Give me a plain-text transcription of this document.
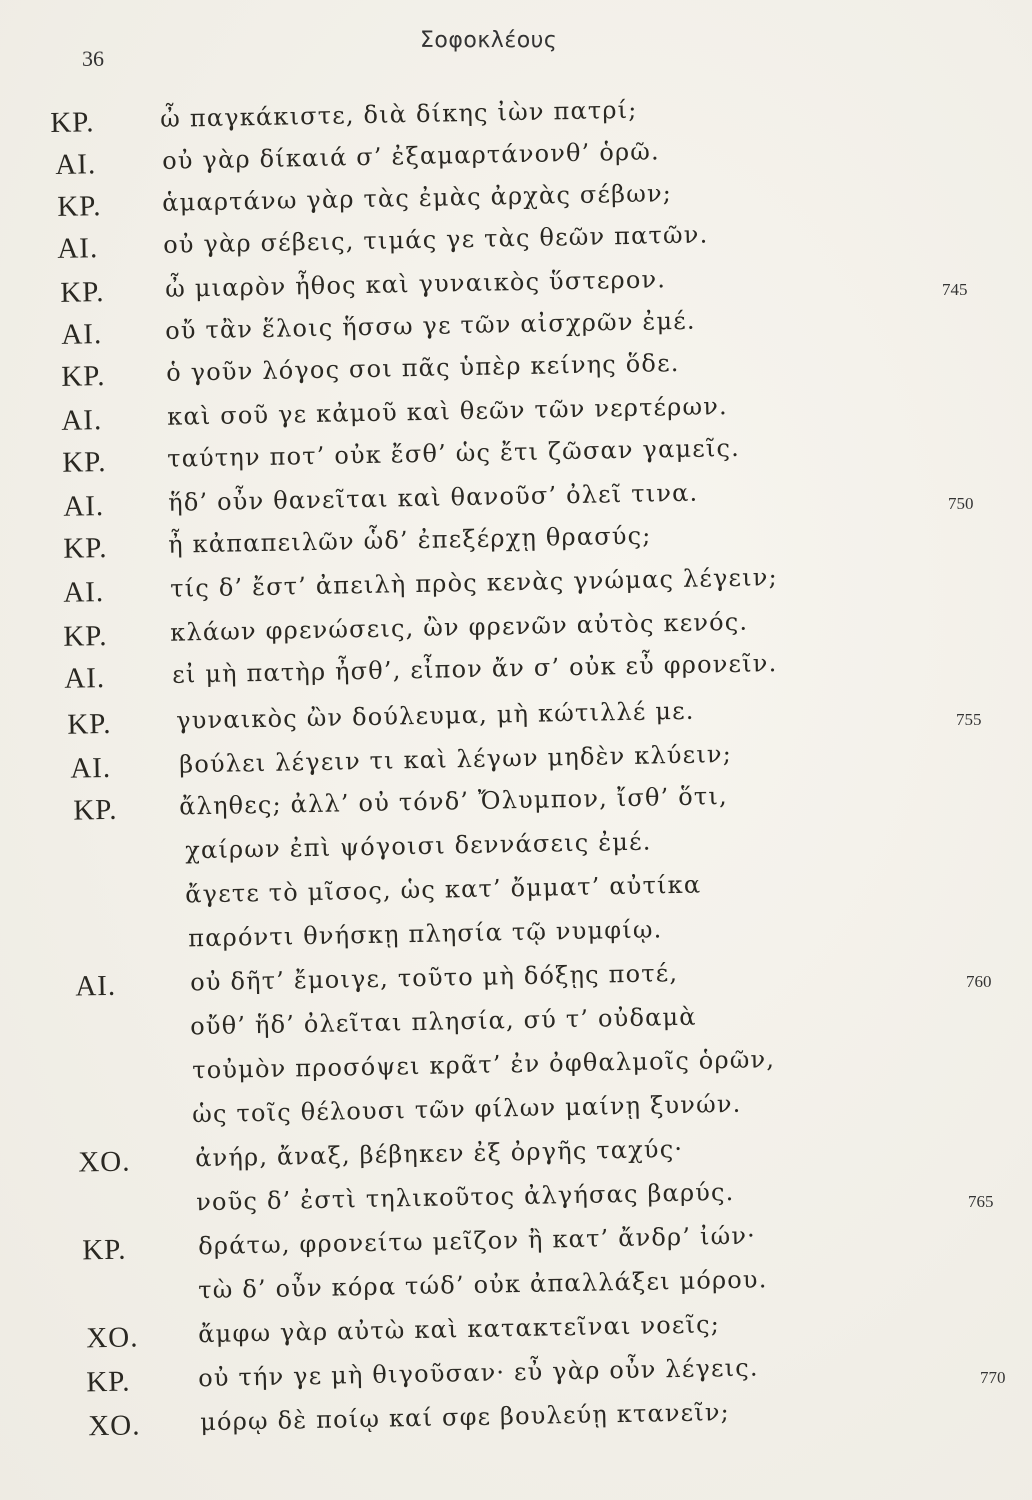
36
Σοφοκλέους
ΚΡ.	ὦ παγκάκιστε, διὰ δίκης ἰὼν πατρί;
ΑΙ.	οὐ γὰρ δίκαιά σ’ ἐξαμαρτάνονθ’ ὁρῶ.
ΚΡ.	ἁμαρτάνω γὰρ τὰς ἐμὰς ἀρχὰς σέβων;
745
ΑΙ.	οὐ γὰρ σέβεις, τιμάς γε τὰς θεῶν πατῶν.
ΚΡ.	ὦ μιαρὸν ἦθος καὶ γυναικὸς ὕστερον.
ΑΙ.	οὔ τἂν ἕλοις ἥσσω γε τῶν αἰσχρῶν ἐμέ.
ΚΡ.	ὁ γοῦν λόγος σοι πᾶς ὑπὲρ κείνης ὅδε.
ΑΙ.	καὶ σοῦ γε κἀμοῦ καὶ θεῶν τῶν νερτέρων.
750
ΚΡ.	ταύτην ποτ’ οὐκ ἔσθ’ ὡς ἔτι ζῶσαν γαμεῖς.
ΑΙ.	ἥδ’ οὖν θανεῖται καὶ θανοῦσ’ ὀλεῖ τινα.
ΚΡ.	ἦ κἀπαπειλῶν ὧδ’ ἐπεξέρχῃ θρασύς;
ΑΙ.	τίς δ’ ἔστ’ ἀπειλὴ πρὸς κενὰς γνώμας λέγειν;
ΚΡ.	κλάων φρενώσεις, ὢν φρενῶν αὐτὸς κενός.
755
ΑΙ.	εἰ μὴ πατὴρ ἦσθ’, εἶπον ἄν σ’ οὐκ εὖ φρονεῖν.
ΚΡ.	γυναικὸς ὢν δούλευμα, μὴ κώτιλλέ με.
ΑΙ.	βούλει λέγειν τι καὶ λέγων μηδὲν κλύειν;
ΚΡ.	ἄληθες; ἀλλ’ οὐ τόνδ’ Ὄλυμπον, ἴσθ’ ὅτι,
χαίρων ἐπὶ ψόγοισι δεννάσεις ἐμέ.
ἄγετε τὸ μῖσος, ὡς κατ’ ὄμματ’ αὐτίκα
760
παρόντι θνήσκῃ πλησία τῷ νυμφίῳ.
ΑΙ.	οὐ δῆτ’ ἔμοιγε, τοῦτο μὴ δόξῃς ποτέ,
οὔθ’ ἥδ’ ὀλεῖται πλησία, σύ τ’ οὐδαμὰ
τοὐμὸν προσόψει κρᾶτ’ ἐν ὀφθαλμοῖς ὁρῶν,
ὡς τοῖς θέλουσι τῶν φίλων μαίνῃ ξυνών.
765
ΧΟ.	ἀνήρ, ἄναξ, βέβηκεν ἐξ ὀργῆς ταχύς·
νοῦς δ’ ἐστὶ τηλικοῦτος ἀλγήσας βαρύς.
ΚΡ.	δράτω, φρονείτω μεῖζον ἢ κατ’ ἄνδρ’ ἰών·
τὼ δ’ οὖν κόρα τώδ’ οὐκ ἀπαλλάξει μόρου.
770
ΧΟ. ἄμφω γὰρ αὐτὼ καὶ κατακτεῖναι νοεῖς;
ΚΡ.	οὐ τήν γε μὴ θιγοῦσαν· εὖ γὰρ οὖν λέγεις.
ΧΟ. μόρῳ δὲ ποίῳ καί σφε βουλεύῃ κτανεῖν;
